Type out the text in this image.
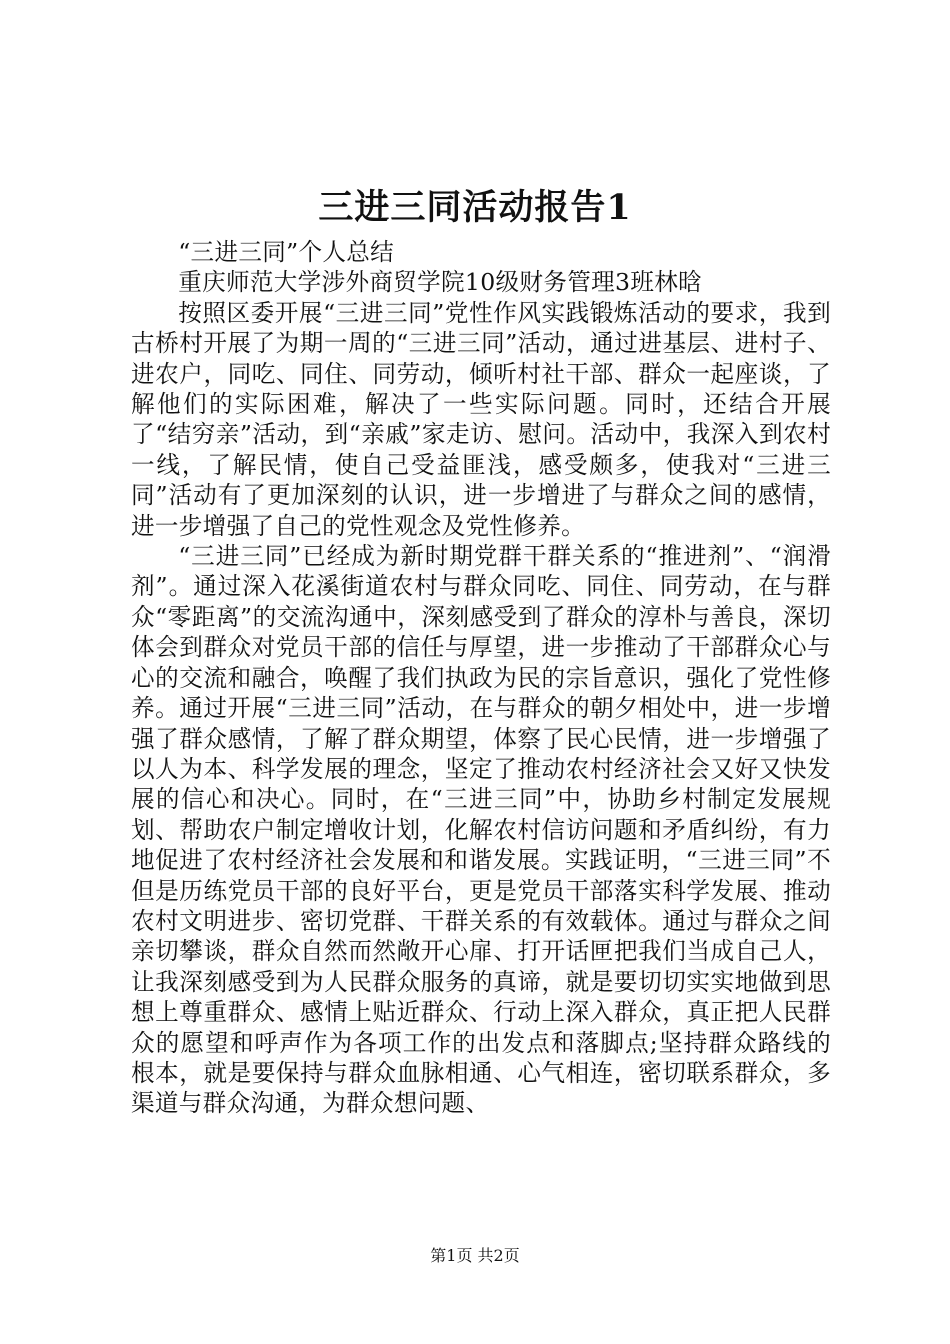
三进三同活动报告1

“三进三同”个人总结

重庆师范大学涉外商贸学院10级财务管理3班林晗

按照区委开展“三进三同”党性作风实践锻炼活动的要求，我到古桥村开展了为期一周的“三进三同”活动，通过进基层、进村子、进农户，同吃、同住、同劳动，倾听村社干部、群众一起座谈，了解他们的实际困难，解决了一些实际问题。同时，还结合开展了“结穷亲”活动，到“亲戚”家走访、慰问。活动中，我深入到农村一线，了解民情，使自己受益匪浅，感受颇多，使我对“三进三同”活动有了更加深刻的认识，进一步增进了与群众之间的感情，进一步增强了自己的党性观念及党性修养。

“三进三同”已经成为新时期党群干群关系的“推进剂”、“润滑剂”。通过深入花溪街道农村与群众同吃、同住、同劳动，在与群众“零距离”的交流沟通中，深刻感受到了群众的淳朴与善良，深切体会到群众对党员干部的信任与厚望，进一步推动了干部群众心与心的交流和融合，唤醒了我们执政为民的宗旨意识，强化了党性修养。通过开展“三进三同”活动，在与群众的朝夕相处中，进一步增强了群众感情，了解了群众期望，体察了民心民情，进一步增强了以人为本、科学发展的理念，坚定了推动农村经济社会又好又快发展的信心和决心。同时，在“三进三同”中，协助乡村制定发展规划、帮助农户制定增收计划，化解农村信访问题和矛盾纠纷，有力地促进了农村经济社会发展和和谐发展。实践证明，“三进三同”不但是历练党员干部的良好平台，更是党员干部落实科学发展、推动农村文明进步、密切党群、干群关系的有效载体。通过与群众之间亲切攀谈，群众自然而然敞开心扉、打开话匣把我们当成自己人，让我深刻感受到为人民群众服务的真谛，就是要切切实实地做到思想上尊重群众、感情上贴近群众、行动上深入群众，真正把人民群众的愿望和呼声作为各项工作的出发点和落脚点;坚持群众路线的根本，就是要保持与群众血脉相通、心气相连，密切联系群众，多渠道与群众沟通，为群众想问题、

第1页 共2页
